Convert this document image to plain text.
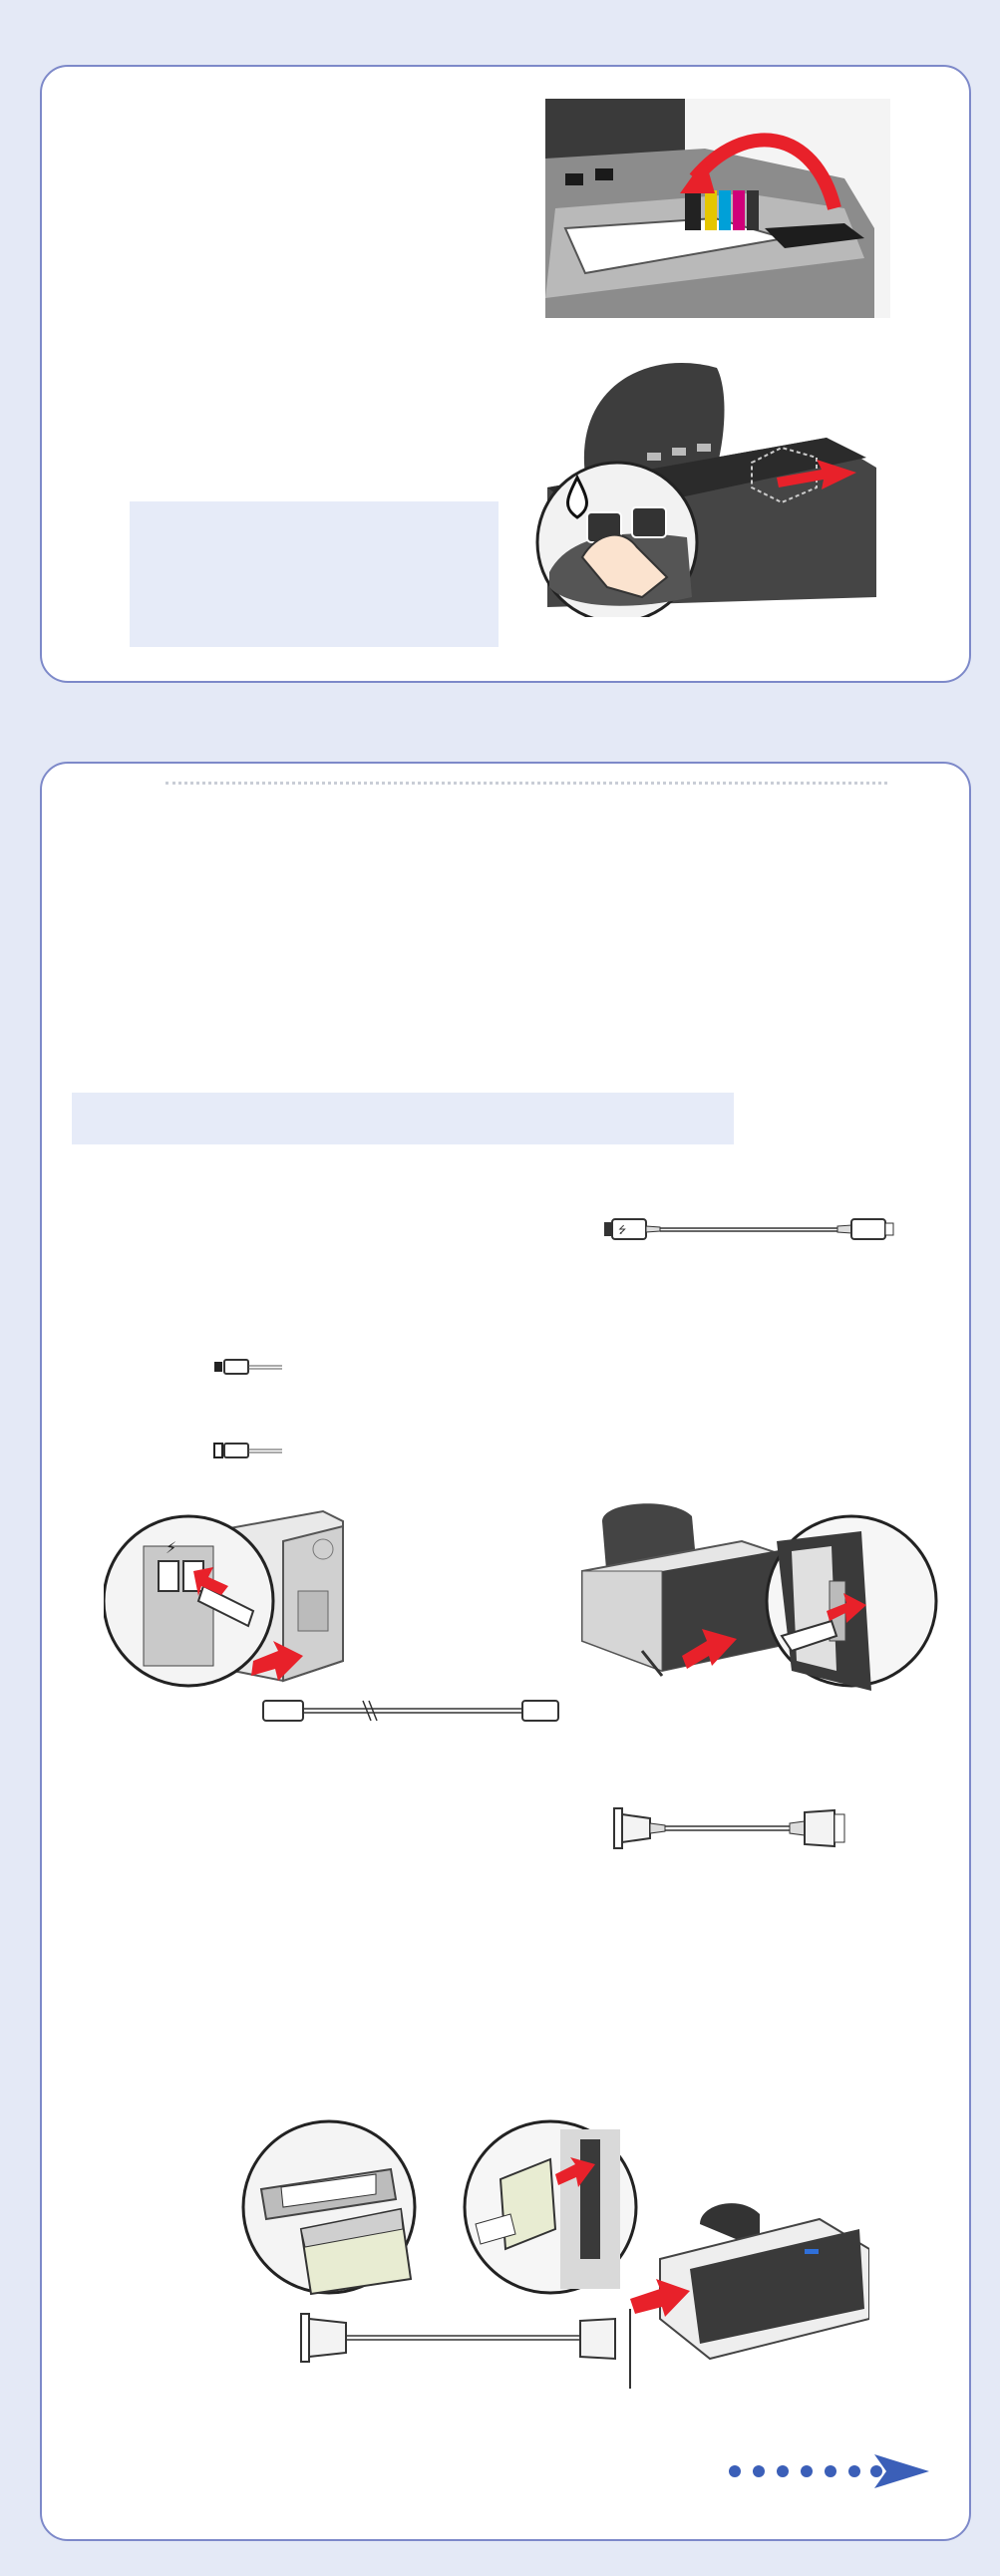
⭍
⚡
